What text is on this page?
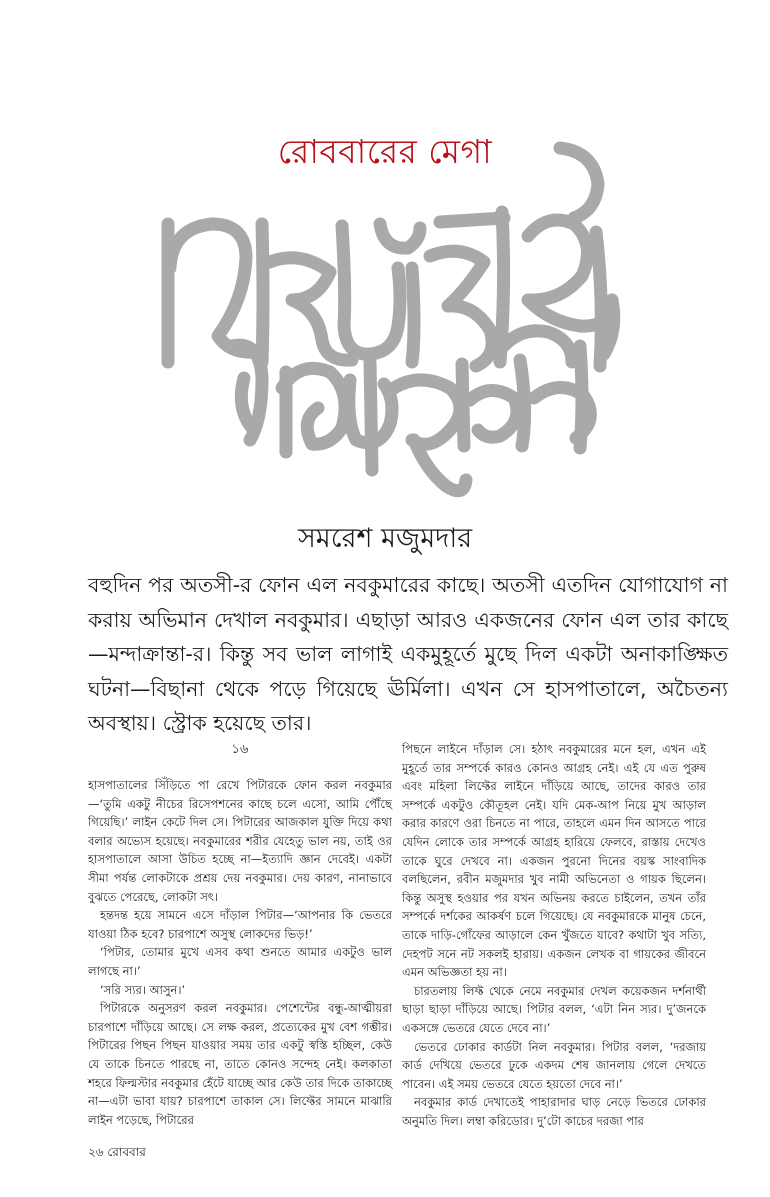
রোববারের মেগা
সমরেশ মজুমদার
বহুদিন পর অতসী-র ফোন এল নবকুমারের কাছে। অতসী এতদিন যোগাযোগ না করায় অভিমান দেখাল নবকুমার। এছাড়া আরও একজনের ফোন এল তার কাছে—মন্দাক্রান্তা-র। কিন্তু সব ভাল লাগাই একমুহূর্তে মুছে দিল একটা অনাকাঙ্ক্ষিত ঘটনা—বিছানা থেকে পড়ে গিয়েছে ঊর্মিলা। এখন সে হাসপাতালে, অচৈতন্য অবস্থায়। স্ট্রোক হয়েছে তার।
১৬

হাসপাতালের সিঁড়িতে পা রেখে পিটারকে ফোন করল নবকুমার—‘তুমি একটু নীচের রিসেপশনের কাছে চলে এসো, আমি পৌঁছে গিয়েছি।’ লাইন কেটে দিল সে। পিটারের আজকাল যুক্তি দিয়ে কথা বলার অভ্যেস হয়েছে। নবকুমারের শরীর যেহেতু ভাল নয়, তাই ওর হাসপাতালে আসা উচিত হচ্ছে না—ইত্যাদি জ্ঞান দেবেই। একটা সীমা পর্যন্ত লোকটাকে প্রশ্রয় দেয় নবকুমার। দেয় কারণ, নানাভাবে বুঝতে পেরেছে, লোকটা সৎ।

হন্তদন্ত হয়ে সামনে এসে দাঁড়াল পিটার—‘আপনার কি ভেতরে যাওয়া ঠিক হবে? চারপাশে অসুস্থ লোকদের ভিড়!’

‘পিটার, তোমার মুখে এসব কথা শুনতে আমার একটুও ভাল লাগছে না।’

‘সরি স্যর। আসুন।’

পিটারকে অনুসরণ করল নবকুমার। পেশেন্টের বন্ধু-আত্মীয়রা চারপাশে দাঁড়িয়ে আছে। সে লক্ষ করল, প্রত্যেকের মুখ বেশ গম্ভীর। পিটারের পিছন পিছন যাওয়ার সময় তার একটু স্বস্তি হচ্ছিল, কেউ যে তাকে চিনতে পারছে না, তাতে কোনও সন্দেহ নেই। কলকাতা শহরে ফিল্মস্টার নবকুমার হেঁটে যাচ্ছে আর কেউ তার দিকে তাকাচ্ছে না—এটা ভাবা যায়? চারপাশে তাকাল সে। লিফ্টের সামনে মাঝারি লাইন পড়েছে, পিটারের

পিছনে লাইনে দাঁড়াল সে। হঠাৎ নবকুমারের মনে হল, এখন এই মুহূর্তে তার সম্পর্কে কারও কোনও আগ্রহ নেই। এই যে এত পুরুষ এবং মহিলা লিফ্টের লাইনে দাঁড়িয়ে আছে, তাদের কারও তার সম্পর্কে একটুও কৌতূহল নেই। যদি মেক-আপ নিয়ে মুখ আড়াল করার কারণে ওরা চিনতে না পারে, তাহলে এমন দিন আসতে পারে যেদিন লোকে তার সম্পর্কে আগ্রহ হারিয়ে ফেলবে, রাস্তায় দেখেও তাকে ঘুরে দেখবে না। একজন পুরনো দিনের বয়স্ক সাংবাদিক বলছিলেন, রবীন মজুমদার খুব নামী অভিনেতা ও গায়ক ছিলেন। কিন্তু অসুস্থ হওয়ার পর যখন অভিনয় করতে চাইলেন, তখন তাঁর সম্পর্কে দর্শকের আকর্ষণ চলে গিয়েছে। যে নবকুমারকে মানুষ চেনে, তাকে দাড়ি-গোঁফের আড়ালে কেন খুঁজতে যাবে? কথাটা খুব সত্যি, দেহপট সনে নট সকলই হারায়। একজন লেখক বা গায়কের জীবনে এমন অভিজ্ঞতা হয় না।

চারতলায় লিফ্ট থেকে নেমে নবকুমার দেখল কয়েকজন দর্শনার্থী ছাড়া ছাড়া দাঁড়িয়ে আছে। পিটার বলল, ‘এটা নিন স্যর। দু’জনকে একসঙ্গে ভেতরে যেতে দেবে না।’

ভেতরে ঢোকার কার্ডটা নিল নবকুমার। পিটার বলল, ‘দরজায় কার্ড দেখিয়ে ভেতরে ঢুকে একদম শেষ জানলায় গেলে দেখতে পাবেন। এই সময় ভেতরে যেতে হয়তো দেবে না।’

নবকুমার কার্ড দেখাতেই পাহারাদার ঘাড় নেড়ে ভিতরে ঢোকার অনুমতি দিল। লম্বা করিডোর। দু’টো কাচের দরজা পার

২৬ রোববার
